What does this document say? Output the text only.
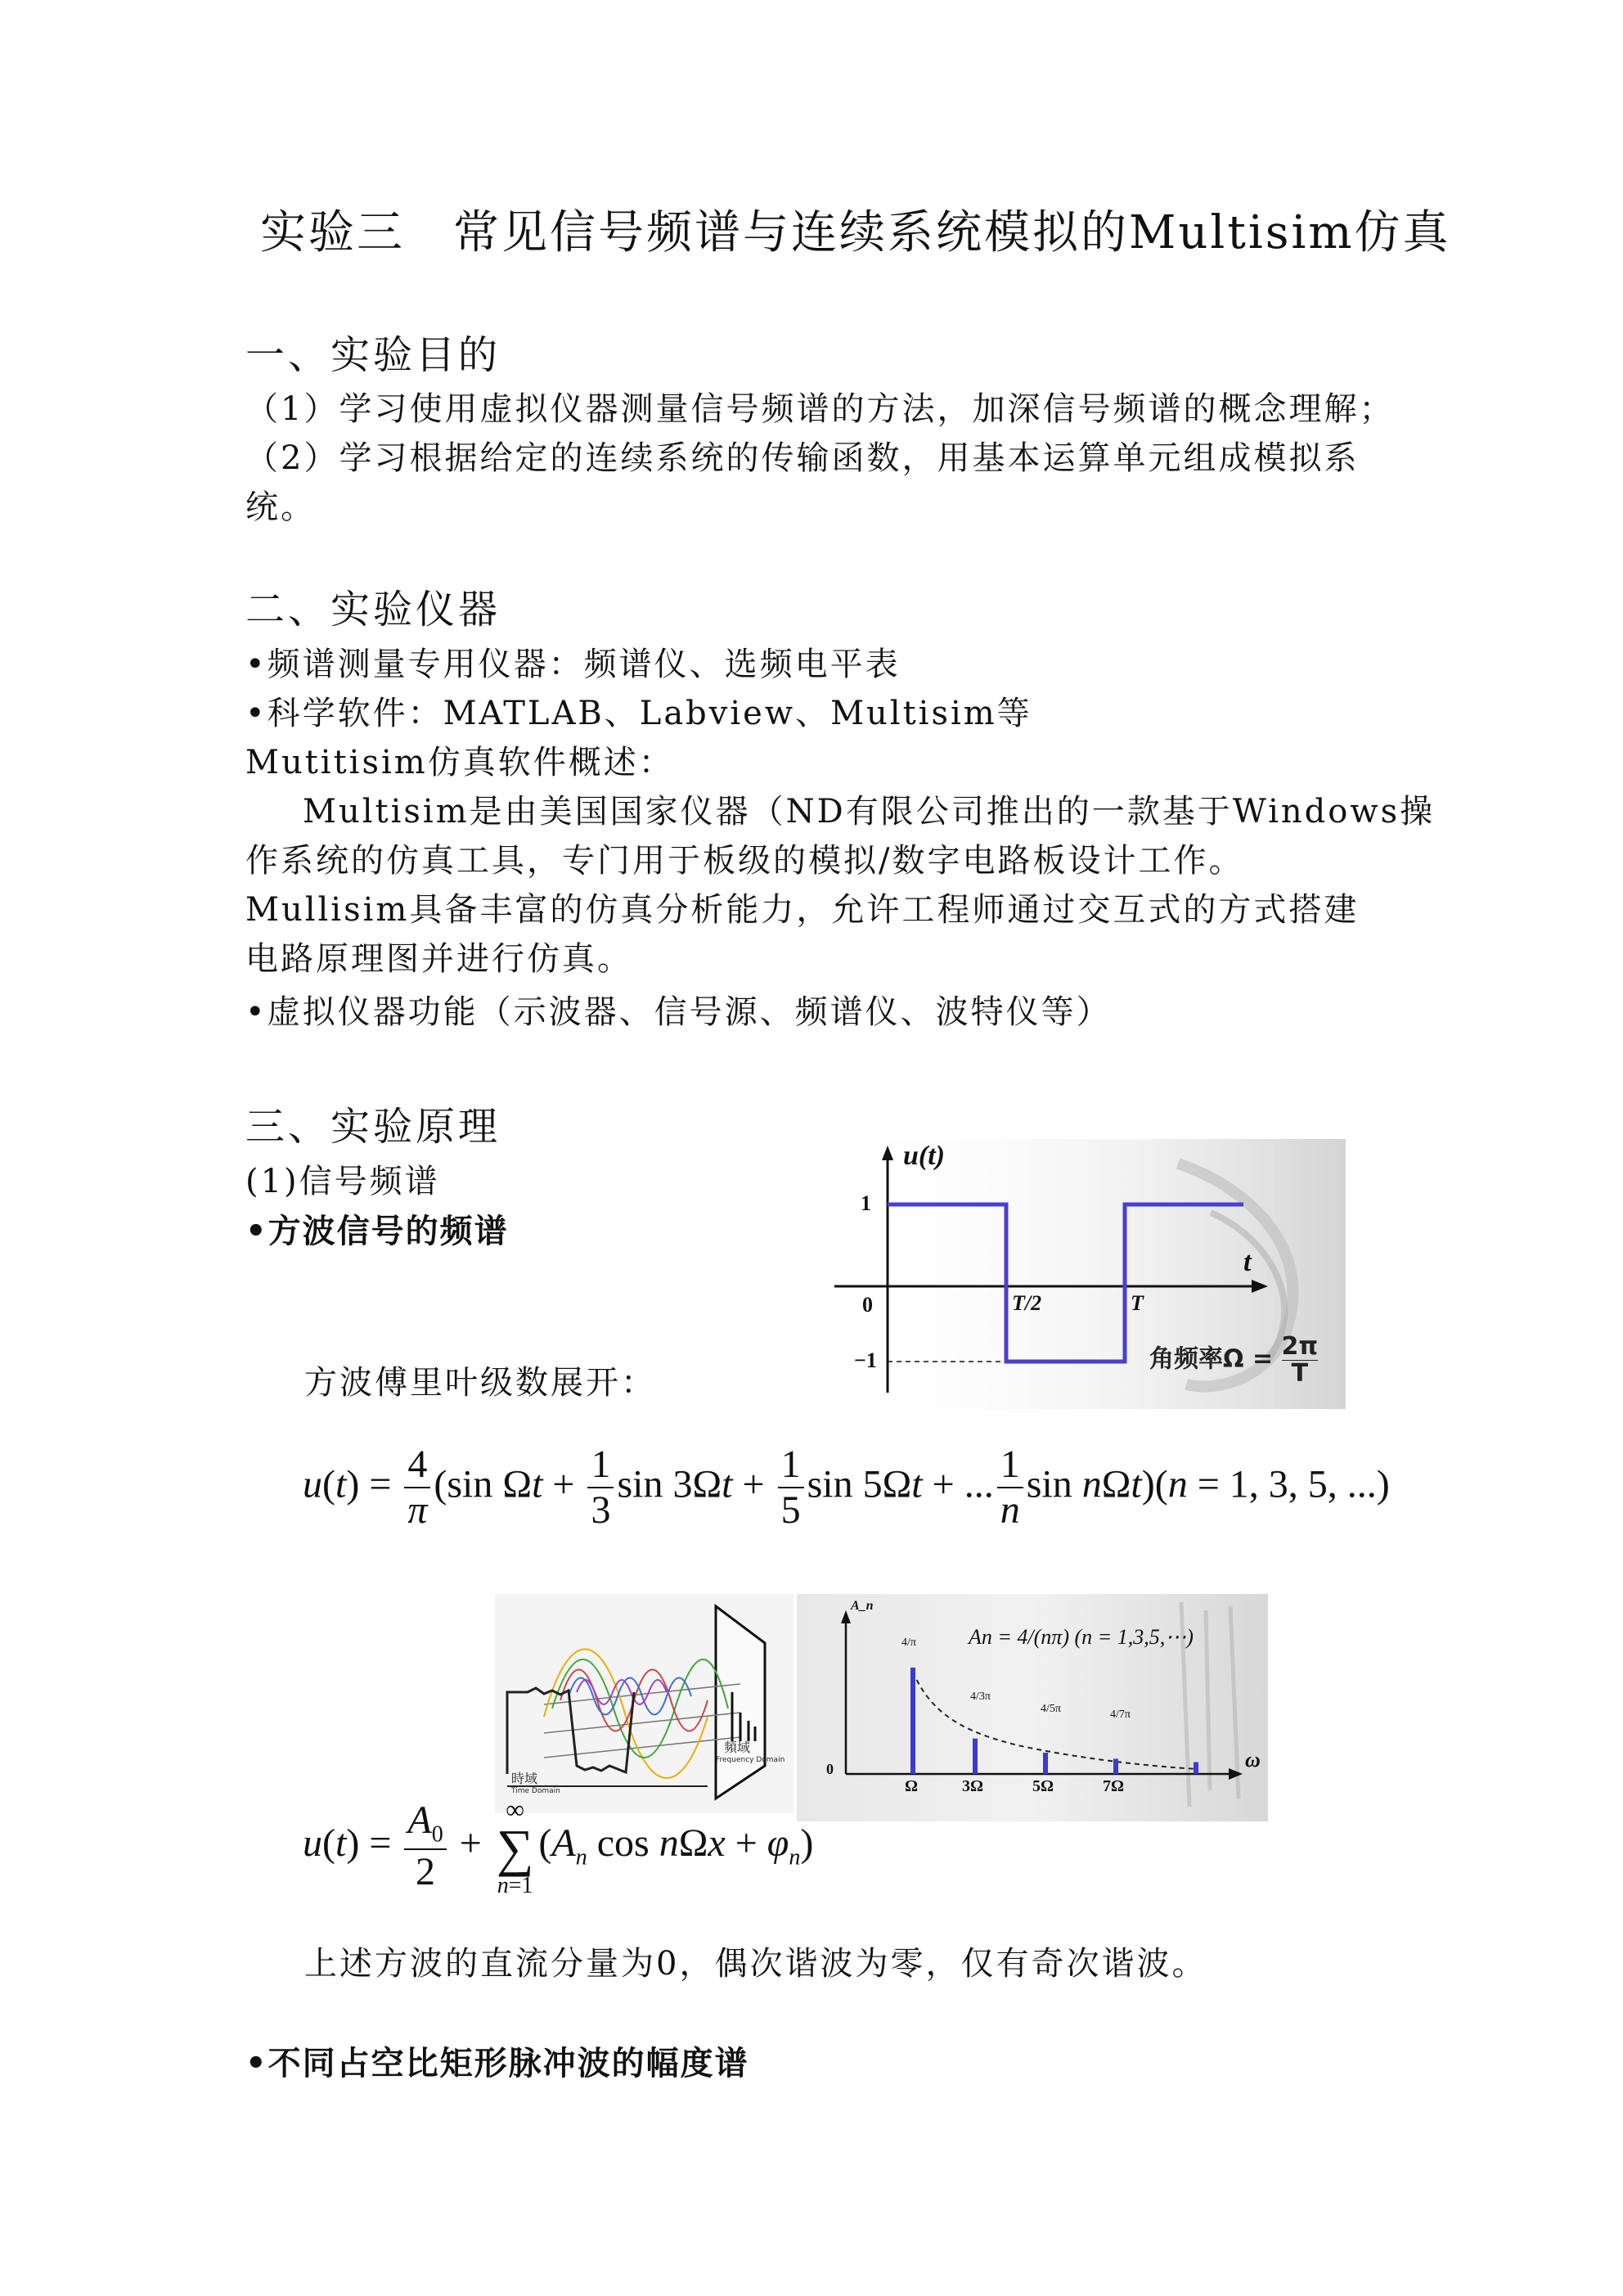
实验三　常见信号频谱与连续系统模拟的Multisim仿真
一、实验目的
（1）学习使用虚拟仪器测量信号频谱的方法，加深信号频谱的概念理解；
（2）学习根据给定的连续系统的传输函数，用基本运算单元组成模拟系
统。
二、实验仪器
•频谱测量专用仪器：频谱仪、选频电平表
•科学软件：MATLAB、Labview、Multisim等
Mutitisim仿真软件概述：
Multisim是由美国国家仪器（ND有限公司推出的一款基于Windows操
作系统的仿真工具，专门用于板级的模拟/数字电路板设计工作。
Mullisim具备丰富的仿真分析能力，允许工程师通过交互式的方式搭建
电路原理图并进行仿真。
•虚拟仪器功能（示波器、信号源、频谱仪、波特仪等）
三、实验原理
(1)信号频谱
•方波信号的频谱
u(t)
t
1
−1
0	T/2	T
角频率$\Omega = \frac{2\pi}{T}$
方波傅里叶级数展开：
$u(t) = \frac{4}{\pi} (\sin$ $\Omega t + \frac{1}{3}$ $\sin 3\Omega t + \frac{1}{5}$ sin 5Ωt + ... $\frac{1}{n}$ sin nΩt)(n = 1, 3, 5, ...)
時域
Time Domain
頻域
Frequency Domain
A_n
ω
0
An = 4/(nπ) (n = 1,3,5,⋯)
Ω	3Ω	5Ω	7Ω
4/π
4/3π
4/5π	4/7π
$u(t) = \frac{A_0}{2}$ +
∞
∑
n=1
($A_n$ $\cos n\Omega x + \varphi_n$)
上述方波的直流分量为0，偶次谐波为零，仅有奇次谐波。
•不同占空比矩形脉冲波的幅度谱
